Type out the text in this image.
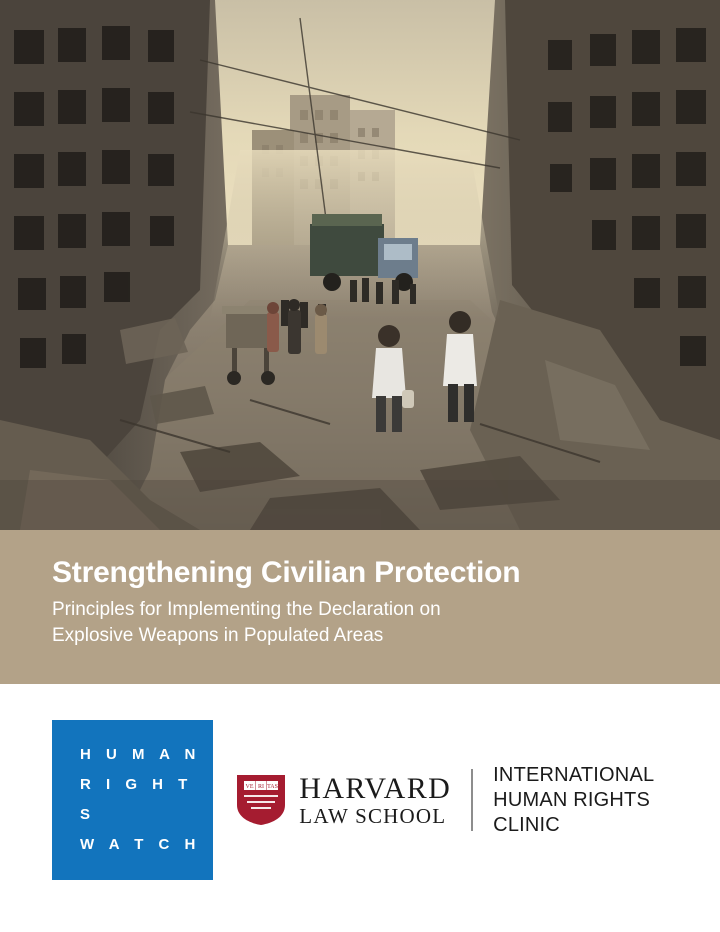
Strengthening Civilian Protection

Principles for Implementing the Declaration on
Explosive Weapons in Populated Areas

H U M A N
R I G H T S
W A T C H
VE RI TAS HARVARD
LAW SCHOOL
INTERNATIONAL
HUMAN RIGHTS CLINIC
